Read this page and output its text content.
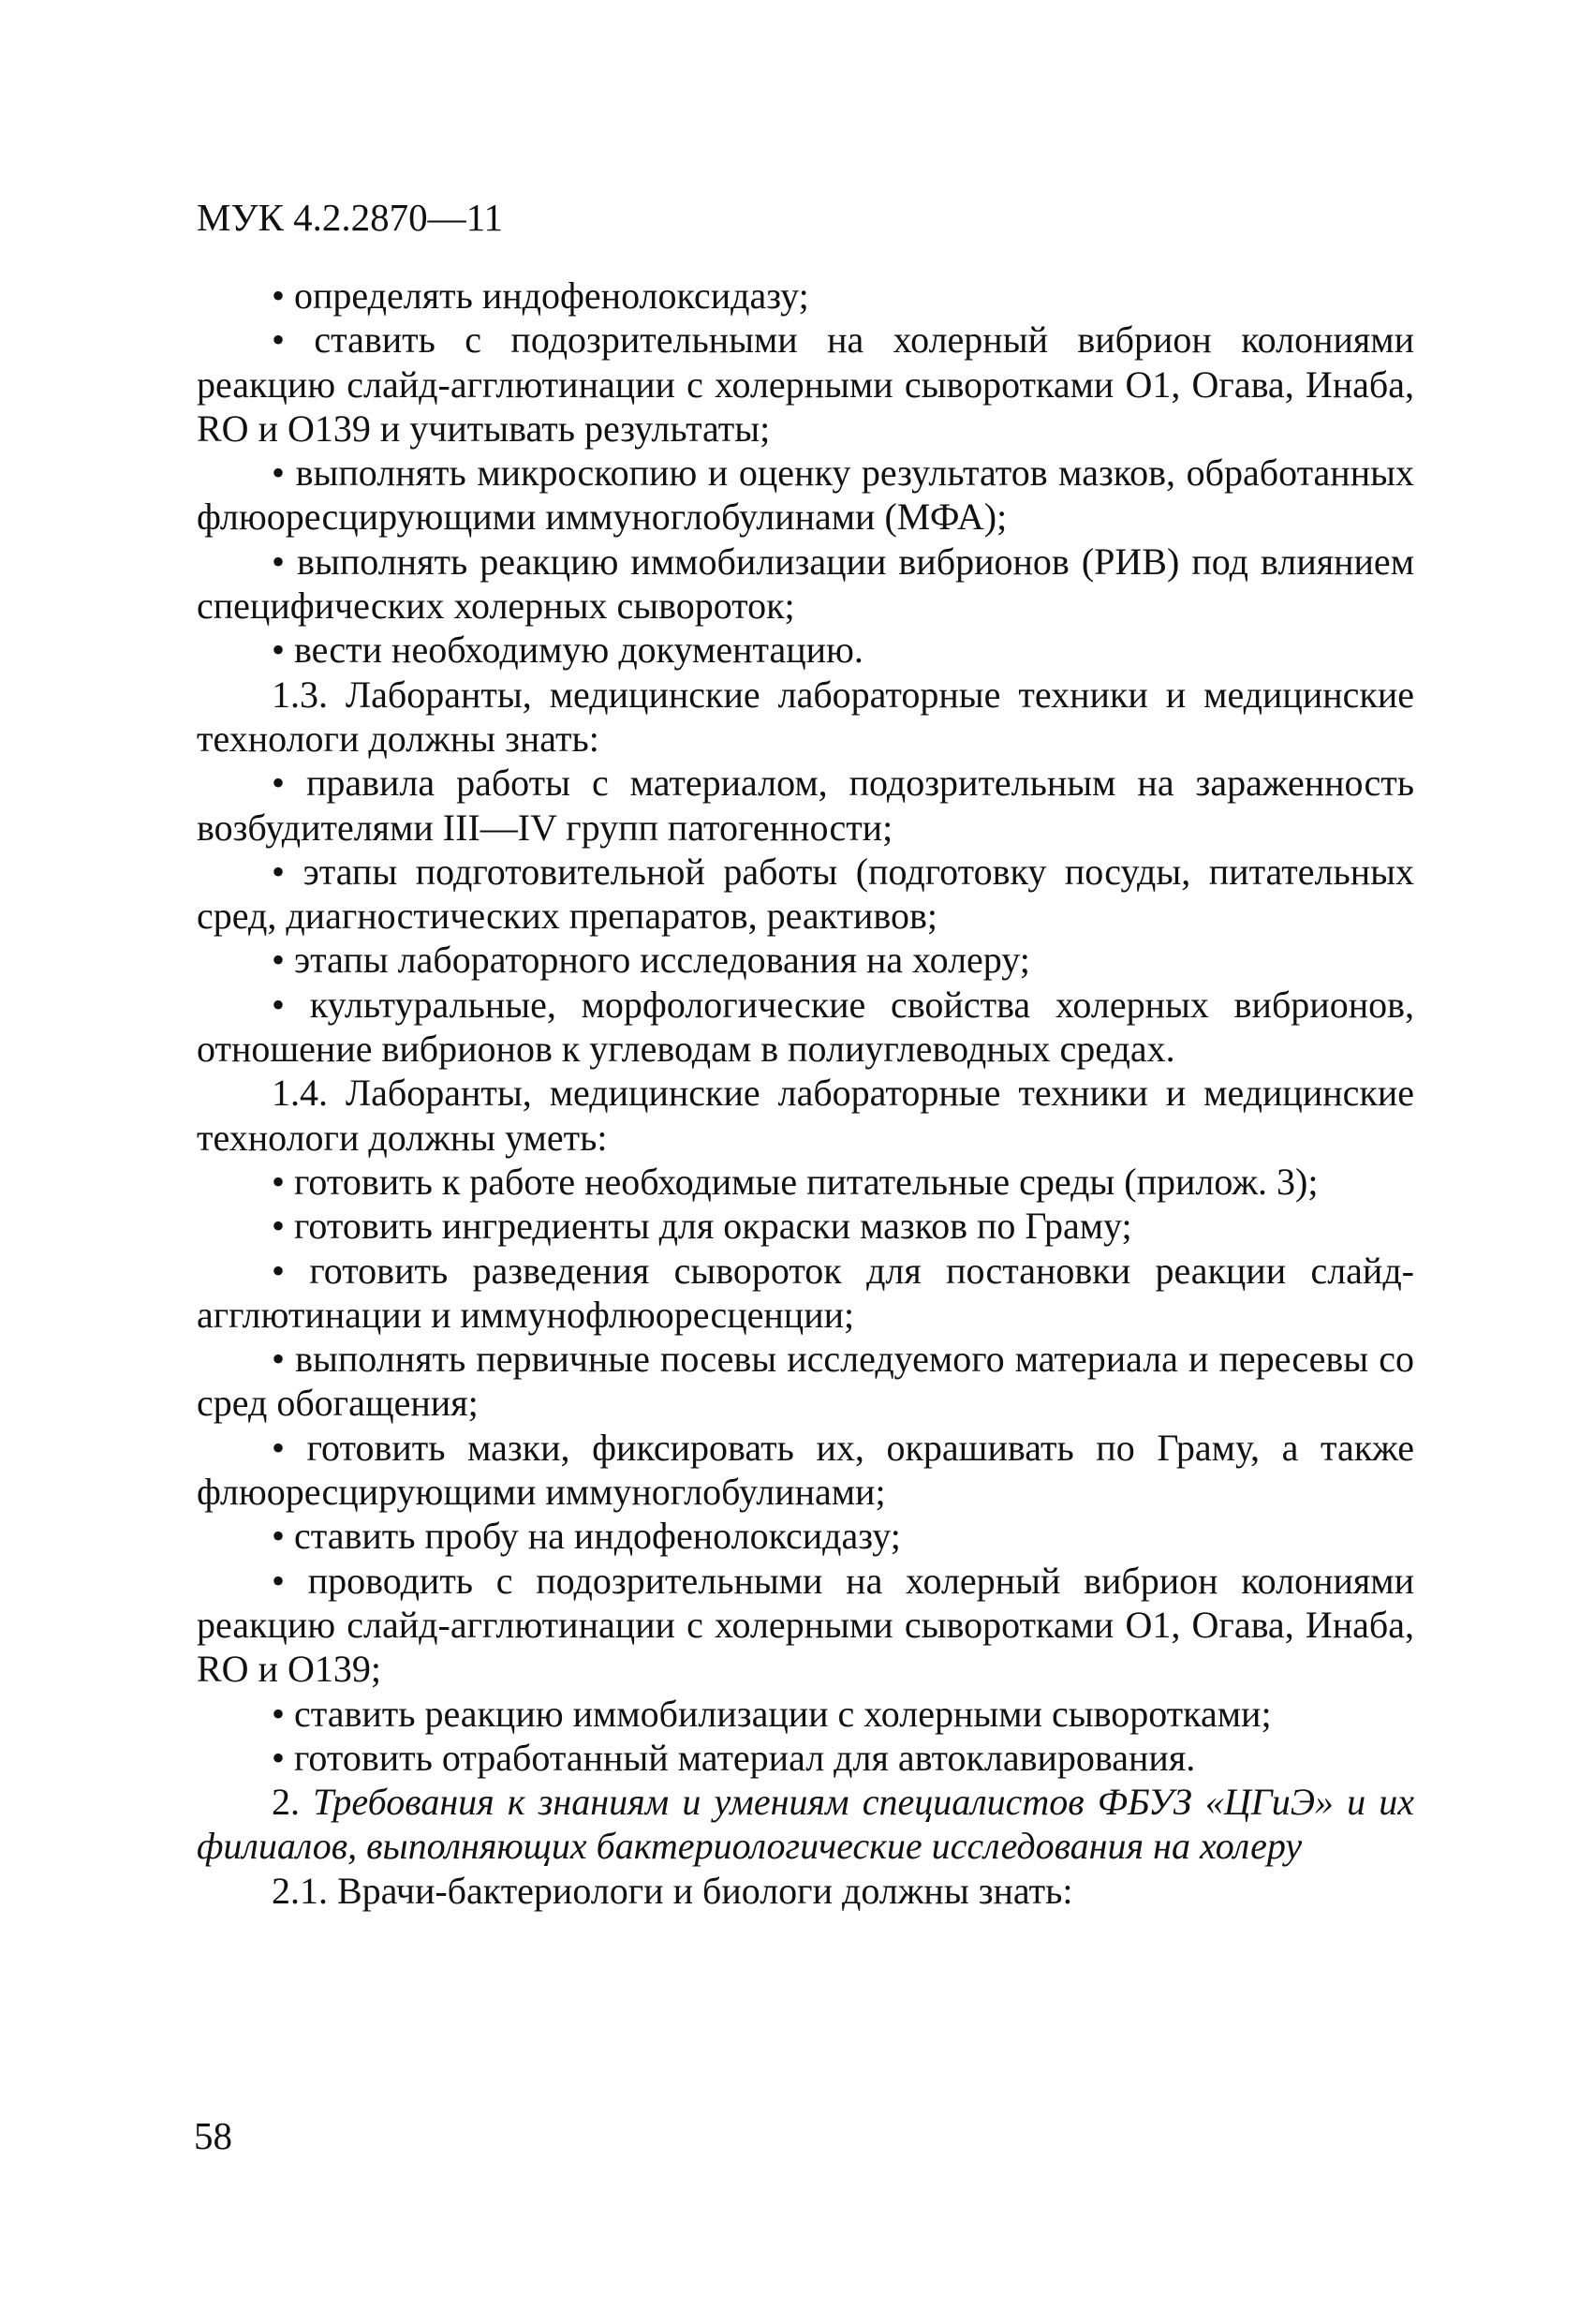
МУК 4.2.2870—11

• определять индофенолоксидазу;

• ставить с подозрительными на холерный вибрион колониями реакцию слайд-агглютинации с холерными сыворотками O1, Огава, Инаба, RO и O139 и учитывать результаты;

• выполнять микроскопию и оценку результатов мазков, обработанных флюоресцирующими иммуноглобулинами (МФА);

• выполнять реакцию иммобилизации вибрионов (РИВ) под влиянием специфических холерных сывороток;

• вести необходимую документацию.

1.3. Лаборанты, медицинские лабораторные техники и медицинские технологи должны знать:

• правила работы с материалом, подозрительным на зараженность возбудителями III—IV групп патогенности;

• этапы подготовительной работы (подготовку посуды, питательных сред, диагностических препаратов, реактивов;

• этапы лабораторного исследования на холеру;

• культуральные, морфологические свойства холерных вибрионов, отношение вибрионов к углеводам в полиуглеводных средах.

1.4. Лаборанты, медицинские лабораторные техники и медицинские технологи должны уметь:

• готовить к работе необходимые питательные среды (прилож. 3);

• готовить ингредиенты для окраски мазков по Граму;

• готовить разведения сывороток для постановки реакции слайд-агглютинации и иммунофлюоресценции;

• выполнять первичные посевы исследуемого материала и пересевы со сред обогащения;

• готовить мазки, фиксировать их, окрашивать по Граму, а также флюоресцирующими иммуноглобулинами;

• ставить пробу на индофенолоксидазу;

• проводить с подозрительными на холерный вибрион колониями реакцию слайд-агглютинации с холерными сыворотками O1, Огава, Инаба, RO и O139;

• ставить реакцию иммобилизации с холерными сыворотками;

• готовить отработанный материал для автоклавирования.

2. Требования к знаниям и умениям специалистов ФБУЗ «ЦГиЭ» и их филиалов, выполняющих бактериологические исследования на холеру

2.1. Врачи-бактериологи и биологи должны знать:

58
